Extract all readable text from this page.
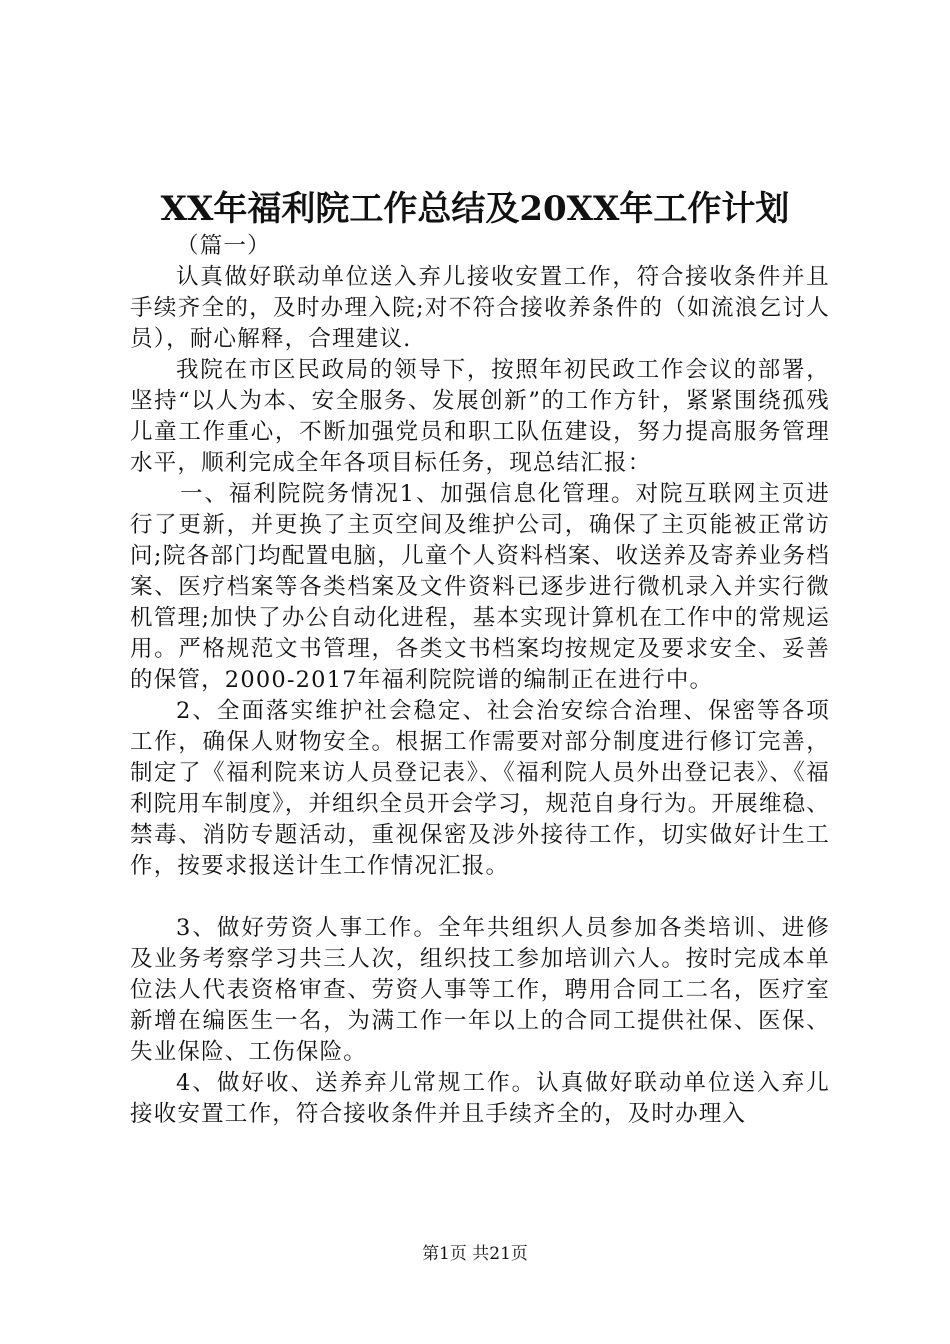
XX年福利院工作总结及20XX年工作计划

（篇一）

认真做好联动单位送入弃儿接收安置工作，符合接收条件并且手续齐全的，及时办理入院;对不符合接收养条件的（如流浪乞讨人员），耐心解释，合理建议.

我院在市区民政局的领导下，按照年初民政工作会议的部署，坚持“以人为本、安全服务、发展创新”的工作方针，紧紧围绕孤残儿童工作重心，不断加强党员和职工队伍建设，努力提高服务管理水平，顺利完成全年各项目标任务，现总结汇报：

一、福利院院务情况1、加强信息化管理。对院互联网主页进行了更新，并更换了主页空间及维护公司，确保了主页能被正常访问;院各部门均配置电脑，儿童个人资料档案、收送养及寄养业务档案、医疗档案等各类档案及文件资料已逐步进行微机录入并实行微机管理;加快了办公自动化进程，基本实现计算机在工作中的常规运用。严格规范文书管理，各类文书档案均按规定及要求安全、妥善的保管，2000-2017年福利院院谱的编制正在进行中。

2、全面落实维护社会稳定、社会治安综合治理、保密等各项工作，确保人财物安全。根据工作需要对部分制度进行修订完善，制定了《福利院来访人员登记表》、《福利院人员外出登记表》、《福利院用车制度》，并组织全员开会学习，规范自身行为。开展维稳、禁毒、消防专题活动，重视保密及涉外接待工作，切实做好计生工作，按要求报送计生工作情况汇报。

3、做好劳资人事工作。全年共组织人员参加各类培训、进修及业务考察学习共三人次，组织技工参加培训六人。按时完成本单位法人代表资格审查、劳资人事等工作，聘用合同工二名，医疗室新增在编医生一名，为满工作一年以上的合同工提供社保、医保、失业保险、工伤保险。

4、做好收、送养弃儿常规工作。认真做好联动单位送入弃儿接收安置工作，符合接收条件并且手续齐全的，及时办理入

第1页 共21页
